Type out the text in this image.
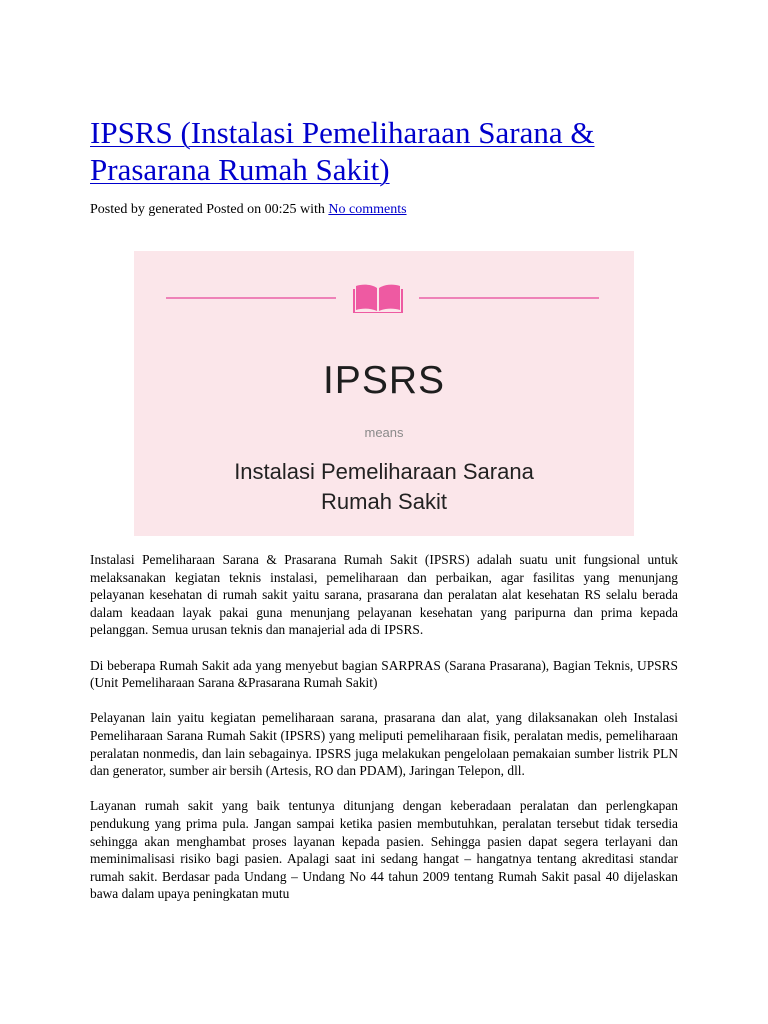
IPSRS (Instalasi Pemeliharaan Sarana & Prasarana Rumah Sakit)
Posted by generated Posted on 00:25 with No comments
IPSRS
means
Instalasi Pemeliharaan Sarana
Rumah Sakit

Instalasi Pemeliharaan Sarana & Prasarana Rumah Sakit (IPSRS) adalah suatu unit fungsional untuk melaksanakan kegiatan teknis instalasi, pemeliharaan dan perbaikan, agar fasilitas yang menunjang pelayanan kesehatan di rumah sakit yaitu sarana, prasarana dan peralatan alat kesehatan RS selalu berada dalam keadaan layak pakai guna menunjang pelayanan kesehatan yang paripurna dan prima kepada pelanggan. Semua urusan teknis dan manajerial ada di IPSRS.

Di beberapa Rumah Sakit ada yang menyebut bagian SARPRAS (Sarana Prasarana), Bagian Teknis, UPSRS (Unit Pemeliharaan Sarana &Prasarana Rumah Sakit)

Pelayanan lain yaitu kegiatan pemeliharaan sarana, prasarana dan alat, yang dilaksanakan oleh Instalasi Pemeliharaan Sarana Rumah Sakit (IPSRS) yang meliputi pemeliharaan fisik, peralatan medis, pemeliharaan peralatan nonmedis, dan lain sebagainya. IPSRS juga melakukan pengelolaan pemakaian sumber listrik PLN dan generator, sumber air bersih (Artesis, RO dan PDAM), Jaringan Telepon, dll.

Layanan rumah sakit yang baik tentunya ditunjang dengan keberadaan peralatan dan perlengkapan pendukung yang prima pula. Jangan sampai ketika pasien membutuhkan, peralatan tersebut tidak tersedia sehingga akan menghambat proses layanan kepada pasien. Sehingga pasien dapat segera terlayani dan meminimalisasi risiko bagi pasien. Apalagi saat ini sedang hangat – hangatnya tentang akreditasi standar rumah sakit. Berdasar pada Undang – Undang No 44 tahun 2009 tentang Rumah Sakit pasal 40 dijelaskan bawa dalam upaya peningkatan mutu
